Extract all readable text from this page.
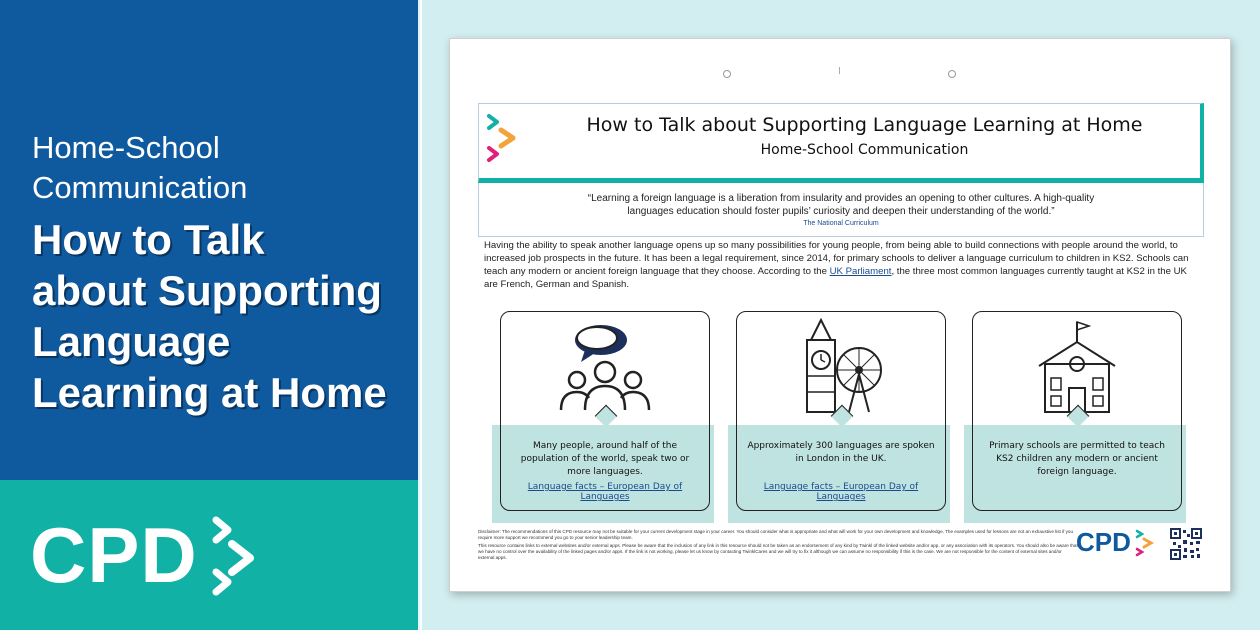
Home-School
Communication
How to Talk
about Supporting
Language
Learning at Home
CPD
How to Talk about Supporting Language Learning at Home
Home-School Communication
“Learning a foreign language is a liberation from insularity and provides an opening to other cultures. A high-quality
languages education should foster pupils’ curiosity and deepen their understanding of the world.”
The National Curriculum
Having the ability to speak another language opens up so many possibilities for young people, from being able to build connections with people around the world, to increased job prospects in the future. It has been a legal requirement, since 2014, for primary schools to deliver a language curriculum to children in KS2. Schools can teach any modern or ancient foreign language that they choose. According to the UK Parliament, the three most common languages currently taught at KS2 in the UK are French, German and Spanish.
Many people, around half of the population of the world, speak two or more languages.
Language facts – European Day of Languages
Approximately 300 languages are spoken in London in the UK.
Language facts – European Day of Languages
Primary schools are permitted to teach KS2 children any modern or ancient foreign language.

Disclaimer: The recommendations of this CPD resource may not be suitable for your current development stage in your career. You should consider what is appropriate and what will work for your own development and knowledge. The examples used for lessons are not an exhaustive list if you require more support we recommend you go to your senior leadership team.

This resource contains links to external websites and/or external apps. Please be aware that the inclusion of any link in this resource should not be taken as an endorsement of any kind by Twinkl of the linked website and/or app, or any association with its operators. You should also be aware that we have no control over the availability of the linked pages and/or apps. If the link is not working, please let us know by contacting TwinklCares and we will try to fix it although we can assume no responsibility if this is the case. We are not responsible for the content of external sites and/or external apps.

CPD
